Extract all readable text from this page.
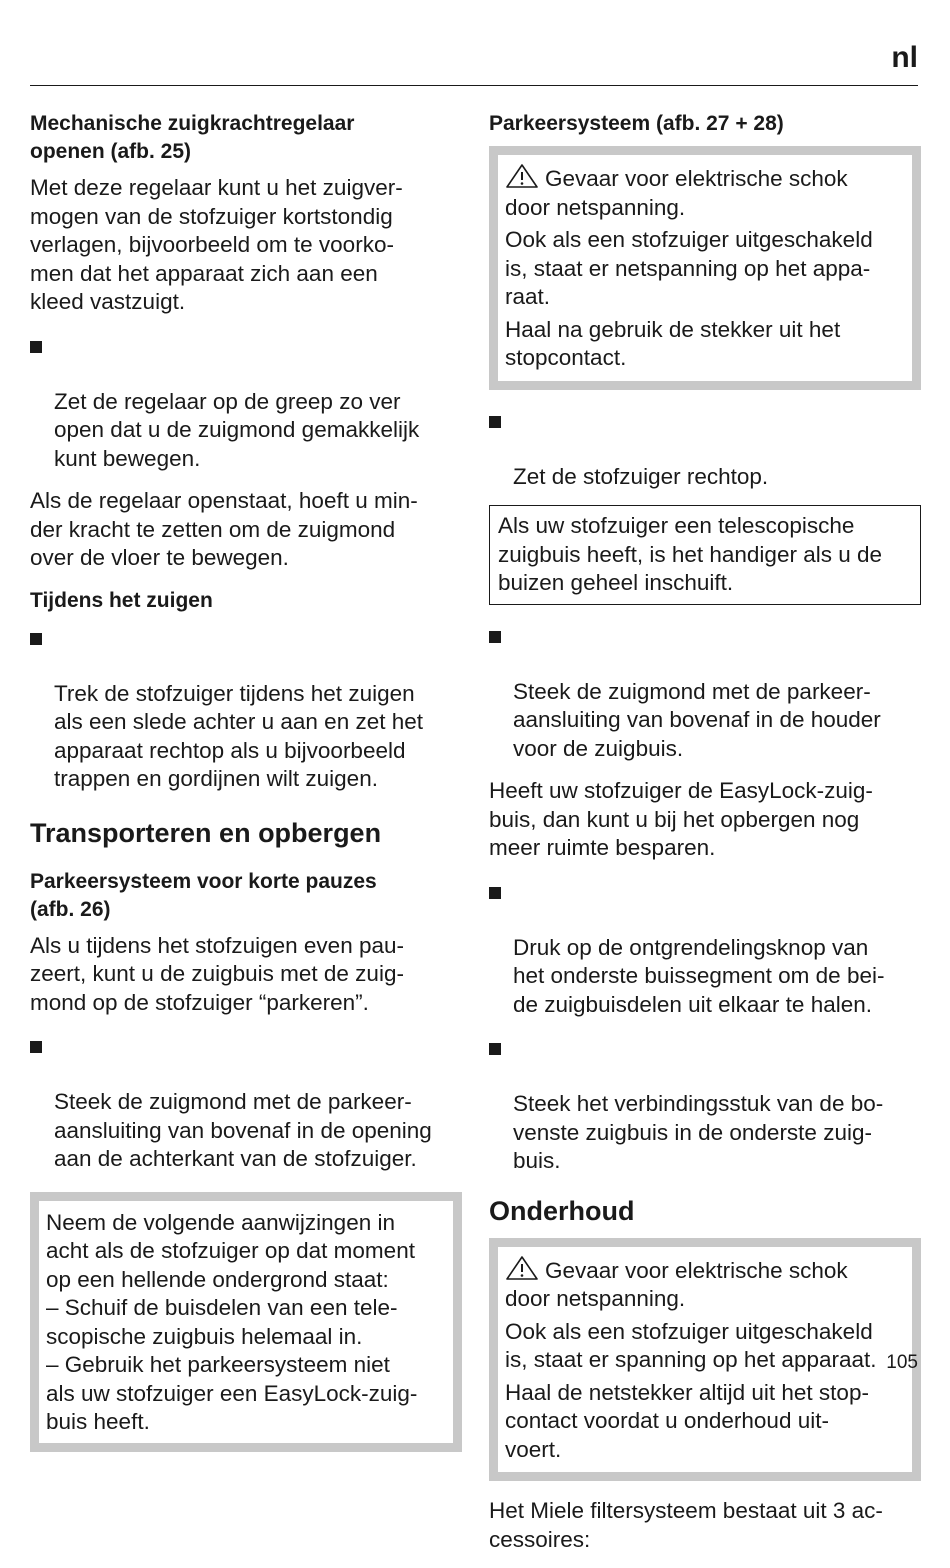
nl
Mechanische zuigkrachtregelaar
openen (afb. 25)
Met deze regelaar kunt u het zuigver-
mogen van de stofzuiger kortstondig
verlagen, bijvoorbeeld om te voorko-
men dat het apparaat zich aan een
kleed vastzuigt.

Zet de regelaar op de greep zo ver
open dat u de zuigmond gemakkelijk
kunt bewegen.

Als de regelaar openstaat, hoeft u min-
der kracht te zetten om de zuigmond
over de vloer te bewegen.
Tijdens het zuigen

Trek de stofzuiger tijdens het zuigen
als een slede achter u aan en zet het
apparaat rechtop als u bijvoorbeeld
trappen en gordijnen wilt zuigen.

Transporteren en opbergen
Parkeersysteem voor korte pauzes
(afb. 26)
Als u tijdens het stofzuigen even pau-
zeert, kunt u de zuigbuis met de zuig-
mond op de stofzuiger “parkeren”.

Steek de zuigmond met de parkeer-
aansluiting van bovenaf in de opening
aan de achterkant van de stofzuiger.

Neem de volgende aanwijzingen in
acht als de stofzuiger op dat moment
op een hellende ondergrond staat:
– Schuif de buisdelen van een tele-
scopische zuigbuis helemaal in.
– Gebruik het parkeersysteem niet
als uw stofzuiger een EasyLock-zuig-
buis heeft.
Parkeersysteem (afb. 27 + 28)
Gevaar voor elektrische schok
door netspanning.
Ook als een stofzuiger uitgeschakeld
is, staat er netspanning op het appa-
raat.
Haal na gebruik de stekker uit het
stopcontact.

Zet de stofzuiger rechtop.

Als uw stofzuiger een telescopische
zuigbuis heeft, is het handiger als u de
buizen geheel inschuift.

Steek de zuigmond met de parkeer-
aansluiting van bovenaf in de houder
voor de zuigbuis.

Heeft uw stofzuiger de EasyLock-zuig-
buis, dan kunt u bij het opbergen nog
meer ruimte besparen.

Druk op de ontgrendelingsknop van
het onderste buissegment om de bei-
de zuigbuisdelen uit elkaar te halen.

Steek het verbindingsstuk van de bo-
venste zuigbuis in de onderste zuig-
buis.

Onderhoud
Gevaar voor elektrische schok
door netspanning.
Ook als een stofzuiger uitgeschakeld
is, staat er spanning op het apparaat.
Haal de netstekker altijd uit het stop-
contact voordat u onderhoud uit-
voert.
Het Miele filtersysteem bestaat uit 3 ac-
cessoires:
105
